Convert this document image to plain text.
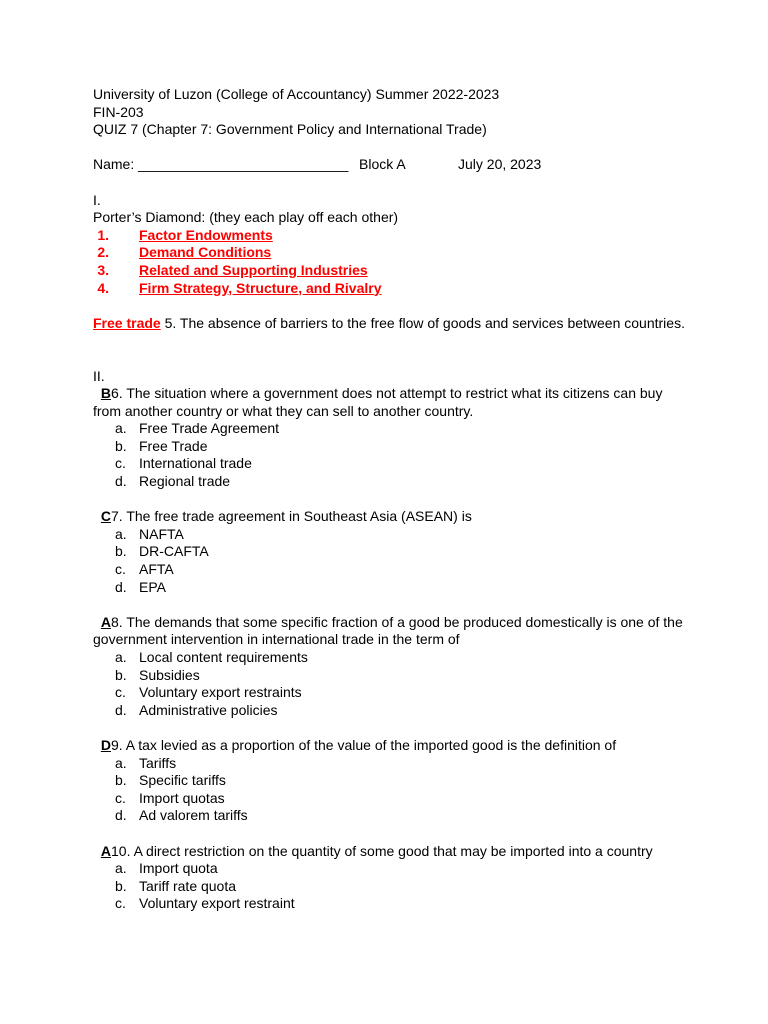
University of Luzon (College of Accountancy) Summer 2022-2023
FIN-203
QUIZ 7 (Chapter 7: Government Policy and International Trade)
Name: ___________________________ Block A	July 20, 2023
I.
Porter’s Diamond: (they each play off each other)
1. Factor Endowments
2. Demand Conditions
3. Related and Supporting Industries
4. Firm Strategy, Structure, and Rivalry
Free trade 5. The absence of barriers to the free flow of goods and services between countries.
II.
B6. The situation where a government does not attempt to restrict what its citizens can buy from another country or what they can sell to another country.
a. Free Trade Agreement
b. Free Trade
c. International trade
d. Regional trade
C7. The free trade agreement in Southeast Asia (ASEAN) is
a. NAFTA
b. DR-CAFTA
c. AFTA
d. EPA
A8. The demands that some specific fraction of a good be produced domestically is one of the government intervention in international trade in the term of
a. Local content requirements
b. Subsidies
c. Voluntary export restraints
d. Administrative policies
D9. A tax levied as a proportion of the value of the imported good is the definition of
a. Tariffs
b. Specific tariffs
c. Import quotas
d. Ad valorem tariffs
A10. A direct restriction on the quantity of some good that may be imported into a country
a. Import quota
b. Tariff rate quota
c. Voluntary export restraint
